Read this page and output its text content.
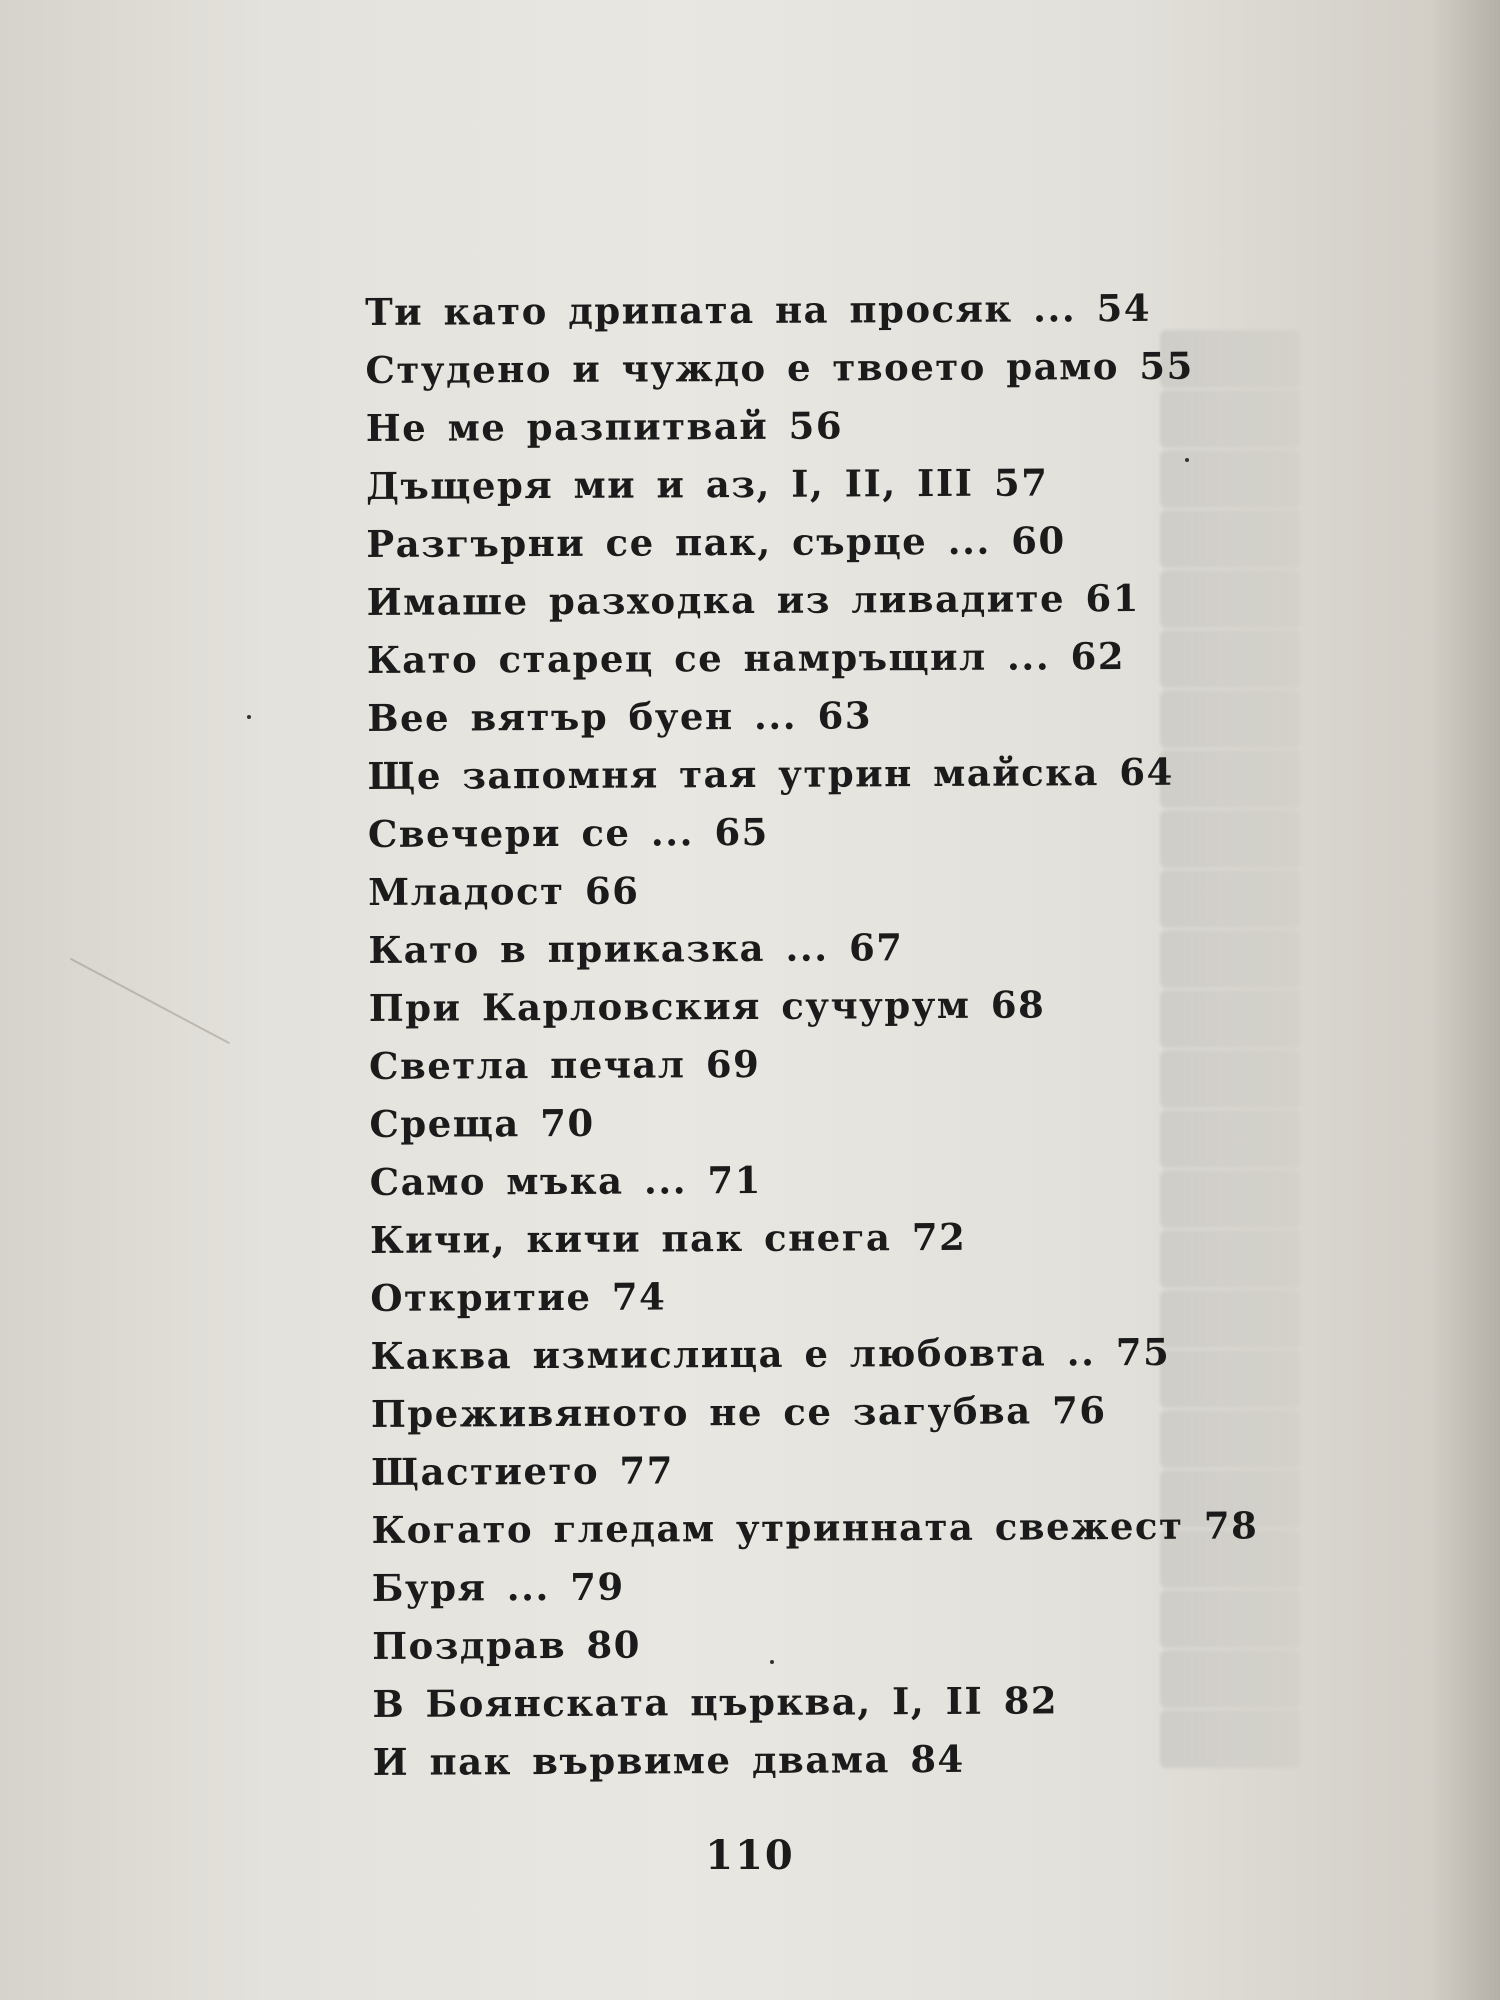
Ти като дрипата на просяк ... 54
Студено и чуждо е твоето рамо 55
Не ме разпитвай 56
Дъщеря ми и аз, I, II, III 57
Разгърни се пак, сърце ... 60
Имаше разходка из ливадите 61
Като старец се намръщил ... 62
Вее вятър буен ... 63
Ще запомня тая утрин майска 64
Свечери се ... 65
Младост 66
Като в приказка ... 67
При Карловския сучурум 68
Светла печал 69
Среща 70
Само мъка ... 71
Кичи, кичи пак снега 72
Откритие 74
Каква измислица е любовта .. 75
Преживяното не се загубва 76
Щастието 77
Когато гледам утринната свежест 78
Буря ... 79
Поздрав 80
В Боянската църква, I, II 82
И пак вървиме двама 84
110
